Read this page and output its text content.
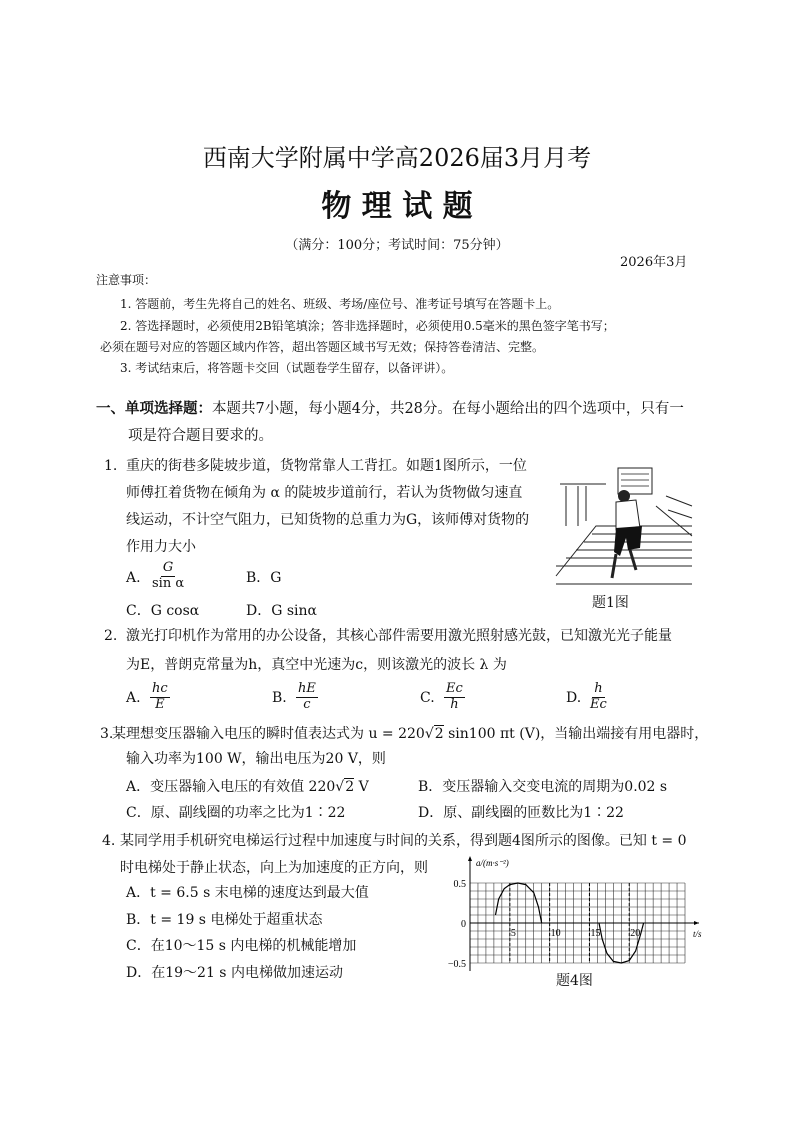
西南大学附属中学高2026届3月月考
物 理 试 题
（满分：100分；考试时间：75分钟）
2026年3月
注意事项：
1. 答题前，考生先将自己的姓名、班级、考场/座位号、准考证号填写在答题卡上。
2. 答选择题时，必须使用2B铅笔填涂；答非选择题时，必须使用0.5毫米的黑色签字笔书写；
必须在题号对应的答题区域内作答，超出答题区域书写无效；保持答卷清洁、完整。
3. 考试结束后，将答题卡交回（试题卷学生留存，以备评讲）。
一、单项选择题：本题共7小题，每小题4分，共28分。在每小题给出的四个选项中，只有一
项是符合题目要求的。
1. 重庆的街巷多陡坡步道，货物常靠人工背扛。如题1图所示，一位
师傅扛着货物在倾角为 α 的陡坡步道前行，若认为货物做匀速直
线运动，不计空气阻力，已知货物的总重力为G，该师傅对货物的
作用力大小
A. $\frac{G}{\text{sin α}}$	B．G
C．G cosα	D．G sinα	题1图
2. 激光打印机作为常用的办公设备，其核心部件需要用激光照射感光鼓，已知激光光子能量
为E，普朗克常量为h，真空中光速为c，则该激光的波长 λ 为
A. $\frac{hc}{E}$	B. $\frac{hE}{c}$	C. $\frac{Ec}{h}$	D. $\frac{h}{Ec}$
3.
某理想变压器输入电压的瞬时值表达式为 u = 220√2 sin100 πt (V)，当输出端接有用电器时，
输入功率为100 W，输出电压为20 V，则
A．变压器输入电压的有效值 220√2 V	B．变压器输入交变电流的周期为0.02 s
C．原、副线圈的功率之比为1∶22	D．原、副线圈的匝数比为1∶22
4. 某同学用手机研究电梯运行过程中加速度与时间的关系，得到题4图所示的图像。已知 t = 0
时电梯处于静止状态，向上为加速度的正方向，则
A．t = 6.5 s 末电梯的速度达到最大值
B．t = 19 s 电梯处于超重状态
C．在10～15 s 内电梯的机械能增加
D．在19～21 s 内电梯做加速运动
5	10	15	20
0.5
0
−0.5
a/(m·s⁻²)
t/s
题4图
